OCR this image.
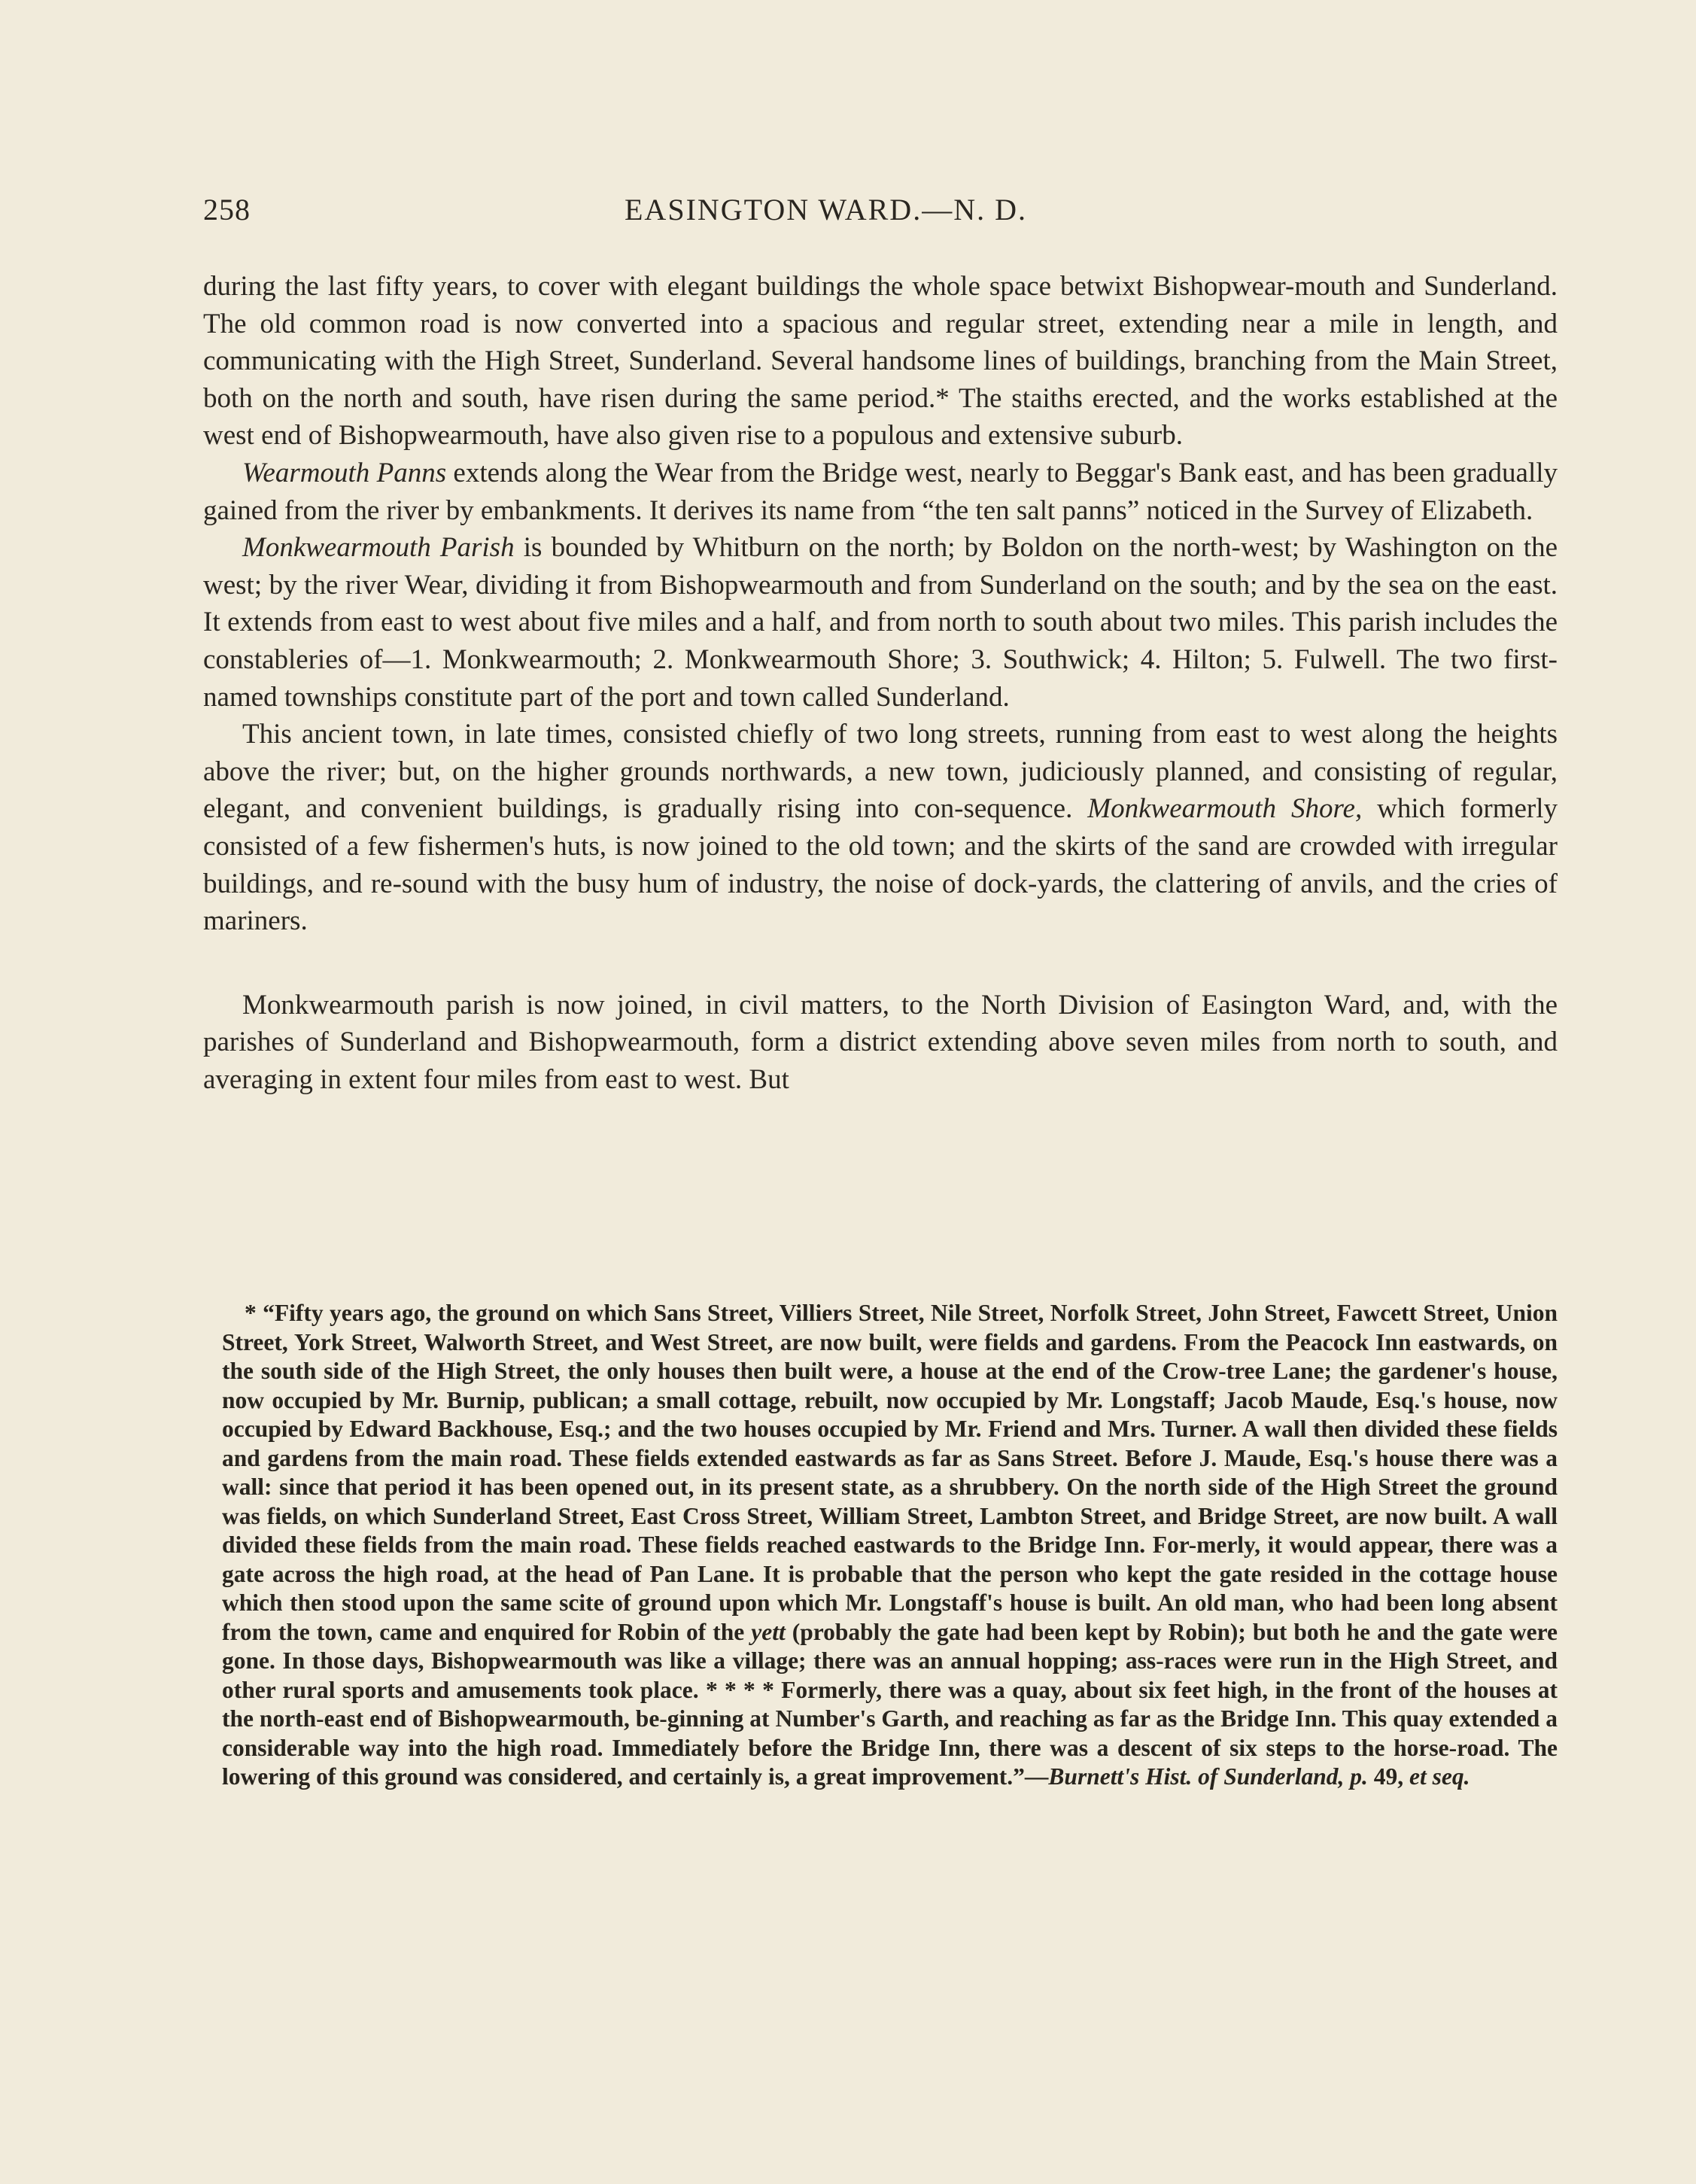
258	EASINGTON WARD.—N. D.

during the last fifty years, to cover with elegant buildings the whole space betwixt Bishopwear-mouth and Sunderland. The old common road is now converted into a spacious and regular street, extending near a mile in length, and communicating with the High Street, Sunderland. Several handsome lines of buildings, branching from the Main Street, both on the north and south, have risen during the same period.* The staiths erected, and the works established at the west end of Bishopwearmouth, have also given rise to a populous and extensive suburb.

Wearmouth Panns extends along the Wear from the Bridge west, nearly to Beggar's Bank east, and has been gradually gained from the river by embankments. It derives its name from “the ten salt panns” noticed in the Survey of Elizabeth.

Monkwearmouth Parish is bounded by Whitburn on the north; by Boldon on the north-west; by Washington on the west; by the river Wear, dividing it from Bishopwearmouth and from Sunderland on the south; and by the sea on the east. It extends from east to west about five miles and a half, and from north to south about two miles. This parish includes the constableries of—1. Monkwearmouth; 2. Monkwearmouth Shore; 3. Southwick; 4. Hilton; 5. Fulwell. The two first-named townships constitute part of the port and town called Sunderland.

This ancient town, in late times, consisted chiefly of two long streets, running from east to west along the heights above the river; but, on the higher grounds northwards, a new town, judiciously planned, and consisting of regular, elegant, and convenient buildings, is gradually rising into con-sequence. Monkwearmouth Shore, which formerly consisted of a few fishermen's huts, is now joined to the old town; and the skirts of the sand are crowded with irregular buildings, and re-sound with the busy hum of industry, the noise of dock-yards, the clattering of anvils, and the cries of mariners.

Monkwearmouth parish is now joined, in civil matters, to the North Division of Easington Ward, and, with the parishes of Sunderland and Bishopwearmouth, form a district extending above seven miles from north to south, and averaging in extent four miles from east to west. But

* “Fifty years ago, the ground on which Sans Street, Villiers Street, Nile Street, Norfolk Street, John Street, Fawcett Street, Union Street, York Street, Walworth Street, and West Street, are now built, were fields and gardens. From the Peacock Inn eastwards, on the south side of the High Street, the only houses then built were, a house at the end of the Crow-tree Lane; the gardener's house, now occupied by Mr. Burnip, publican; a small cottage, rebuilt, now occupied by Mr. Longstaff; Jacob Maude, Esq.'s house, now occupied by Edward Backhouse, Esq.; and the two houses occupied by Mr. Friend and Mrs. Turner. A wall then divided these fields and gardens from the main road. These fields extended eastwards as far as Sans Street. Before J. Maude, Esq.'s house there was a wall: since that period it has been opened out, in its present state, as a shrubbery. On the north side of the High Street the ground was fields, on which Sunderland Street, East Cross Street, William Street, Lambton Street, and Bridge Street, are now built. A wall divided these fields from the main road. These fields reached eastwards to the Bridge Inn. For-merly, it would appear, there was a gate across the high road, at the head of Pan Lane. It is probable that the person who kept the gate resided in the cottage house which then stood upon the same scite of ground upon which Mr. Longstaff's house is built. An old man, who had been long absent from the town, came and enquired for Robin of the yett (probably the gate had been kept by Robin); but both he and the gate were gone. In those days, Bishopwearmouth was like a village; there was an annual hopping; ass-races were run in the High Street, and other rural sports and amusements took place. * * * * Formerly, there was a quay, about six feet high, in the front of the houses at the north-east end of Bishopwearmouth, be-ginning at Number's Garth, and reaching as far as the Bridge Inn. This quay extended a considerable way into the high road. Immediately before the Bridge Inn, there was a descent of six steps to the horse-road. The lowering of this ground was considered, and certainly is, a great improvement.”—Burnett's Hist. of Sunderland, p. 49, et seq.
